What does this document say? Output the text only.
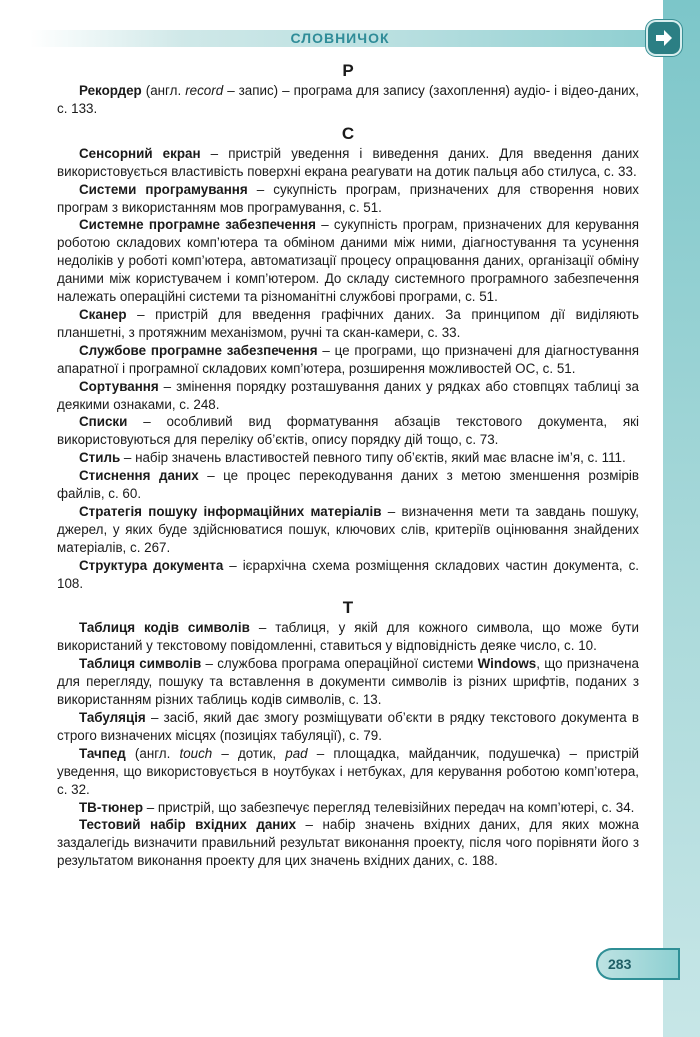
СЛОВНИЧОК
Р

Рекордер (англ. record – запис) – програма для запису (захоплення) аудіо- і відео-даних, с. 133.

С

Сенсорний екран – пристрій уведення і виведення даних. Для введення даних використовується властивість поверхні екрана реагувати на дотик пальця або стилуса, с. 33.

Системи програмування – сукупність програм, призначених для створення нових програм з використанням мов програмування, с. 51.

Системне програмне забезпечення – сукупність програм, призначених для керування роботою складових комп’ютера та обміном даними між ними, діагностування та усунення недоліків у роботі комп’ютера, автоматизації процесу опрацювання даних, організації обміну даними між користувачем і комп’ютером. До складу системного програмного забезпечення належать операційні системи та різноманітні службові програми, с. 51.

Сканер – пристрій для введення графічних даних. За принципом дії виділяють планшетні, з протяжним механізмом, ручні та скан-камери, с. 33.

Службове програмне забезпечення – це програми, що призначені для діагностування апаратної і програмної складових комп’ютера, розширення можливостей ОС, с. 51.

Сортування – змінення порядку розташування даних у рядках або стовпцях таблиці за деякими ознаками, с. 248.

Списки – особливий вид форматування абзаців текстового документа, які використовуються для переліку об’єктів, опису порядку дій тощо, с. 73.

Стиль – набір значень властивостей певного типу об’єктів, який має власне ім’я, с. 111.

Стиснення даних – це процес перекодування даних з метою зменшення розмірів файлів, с. 60.

Стратегія пошуку інформаційних матеріалів – визначення мети та завдань пошуку, джерел, у яких буде здійснюватися пошук, ключових слів, критеріїв оцінювання знайдених матеріалів, с. 267.

Структура документа – ієрархічна схема розміщення складових частин документа, с. 108.

Т

Таблиця кодів символів – таблиця, у якій для кожного символа, що може бути використаний у текстовому повідомленні, ставиться у відповідність деяке число, с. 10.

Таблиця символів – службова програма операційної системи Windows, що призначена для перегляду, пошуку та вставлення в документи символів із різних шрифтів, поданих з використанням різних таблиць кодів символів, с. 13.

Табуляція – засіб, який дає змогу розміщувати об’єкти в рядку текстового документа в строго визначених місцях (позиціях табуляції), с. 79.

Тачпед (англ. touch – дотик, pad – площадка, майданчик, подушечка) – пристрій уведення, що використовується в ноутбуках і нетбуках, для керування роботою комп’ютера, с. 32.

ТВ-тюнер – пристрій, що забезпечує перегляд телевізійних передач на комп’ютері, с. 34.

Тестовий набір вхідних даних – набір значень вхідних даних, для яких можна заздалегідь визначити правильний результат виконання проекту, після чого порівняти його з результатом виконання проекту для цих значень вхідних даних, с. 188.

283
